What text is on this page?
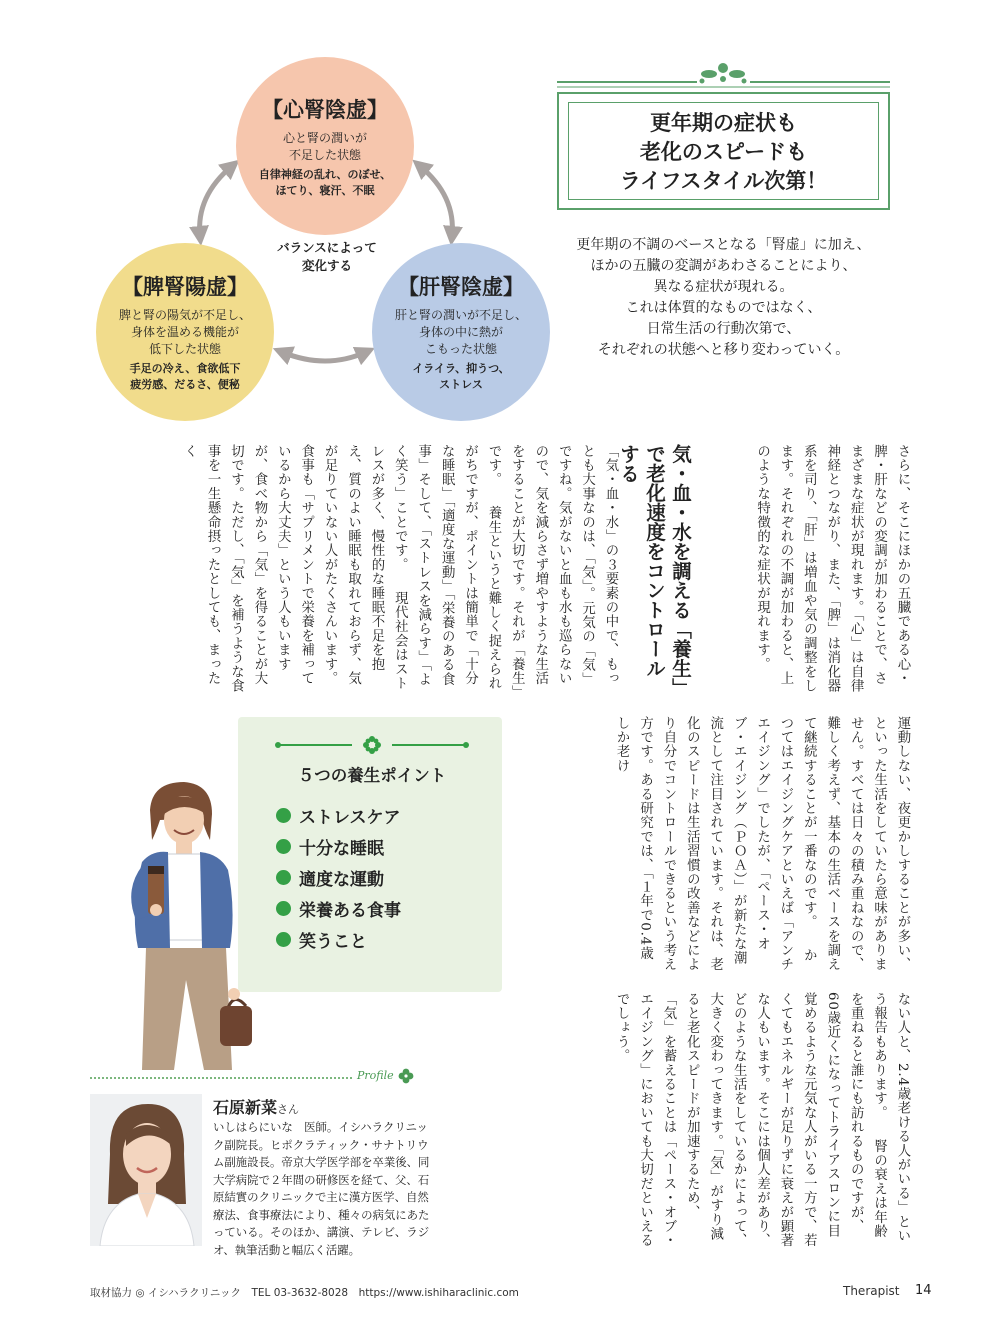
【心腎陰虚】
心と腎の潤いが
不足した状態
自律神経の乱れ、のぼせ、
ほてり、寝汗、不眠
【脾腎陽虚】
脾と腎の陽気が不足し、
身体を温める機能が
低下した状態
手足の冷え、食欲低下
疲労感、だるさ、便秘
【肝腎陰虚】
肝と腎の潤いが不足し、
身体の中に熱が
こもった状態
イライラ、抑うつ、
ストレス
バランスによって
変化する
更年期の症状も
老化のスピードも
ライフスタイル次第！
更年期の不調のベースとなる「腎虚」に加え、
ほかの五臓の変調があわさることにより、
異なる症状が現れる。
これは体質的なものではなく、
日常生活の行動次第で、
それぞれの状態へと移り変わっていく。
さらに、そこにほかの五臓である心・脾・肝などの変調が加わることで、さまざまな症状が現れます。「心」は自律神経とつながり、また、「脾」は消化器系を司り、「肝」は増血や気の調整をします。それぞれの不調が加わると、上のような特徴的な症状が現れます。
気・血・水を調える「養生」で老化速度をコントロールする
「気・血・水」の３要素の中で、もっとも大事なのは、「気」。元気の「気」ですね。気がないと血も水も巡らないので、気を減らさず増やすような生活をすることが大切です。それが「養生」です。 　養生というと難しく捉えられがちですが、ポイントは簡単で「十分な睡眠」「適度な運動」「栄養のある食事」そして、「ストレスを減らす」「よく笑う」ことです。 　現代社会はストレスが多く、慢性的な睡眠不足を抱え、質のよい睡眠も取れておらず、気が足りていない人がたくさんいます。食事も「サプリメントで栄養を補っているから大丈夫」という人もいますが、食べ物から「気」を得ることが大切です。ただし、「気」を補うような食事を一生懸命摂ったとしても、まったく
運動しない、夜更かしすることが多い、といった生活をしていたら意味がありません。すべては日々の積み重ねなので、難しく考えず、基本の生活ベースを調えて継続することが一番なのです。 　かつてはエイジングケアといえば「アンチエイジング」でしたが、「ペース・オブ・エイジング（ＰＯＡ）」が新たな潮流として注目されています。それは、老化のスピードは生活習慣の改善などにより自分でコントロールできるという考え方です。ある研究では、「１年で0.4歳しか老け
ない人と、2.4歳老ける人がいる」という報告もあります。 　腎の衰えは年齢を重ねると誰にも訪れるものですが、60歳近くになってトライアスロンに目覚めるような元気な人がいる一方で、若くてもエネルギーが足りずに衰えが顕著な人もいます。そこには個人差があり、どのような生活をしているかによって、大きく変わってきます。「気」がすり減ると老化スピードが加速するため、「気」を蓄えることは「ペース・オブ・エイジング」においても大切だといえるでしょう。
５つの養生ポイント
ストレスケア
十分な睡眠
適度な運動
栄養ある食事
笑うこと
Profile
石原新菜さん
いしはらにいな　医師。イシハラクリニック副院長。ヒポクラティック・サナトリウム副施設長。帝京大学医学部を卒業後、同大学病院で２年間の研修医を経て、父、石原結實のクリニックで主に漢方医学、自然療法、食事療法により、種々の病気にあたっている。そのほか、講演、テレビ、ラジオ、執筆活動と幅広く活躍。
取材協力 ◎ イシハラクリニック　TEL 03-3632-8028　https://www.ishiharaclinic.com	Therapist 14
